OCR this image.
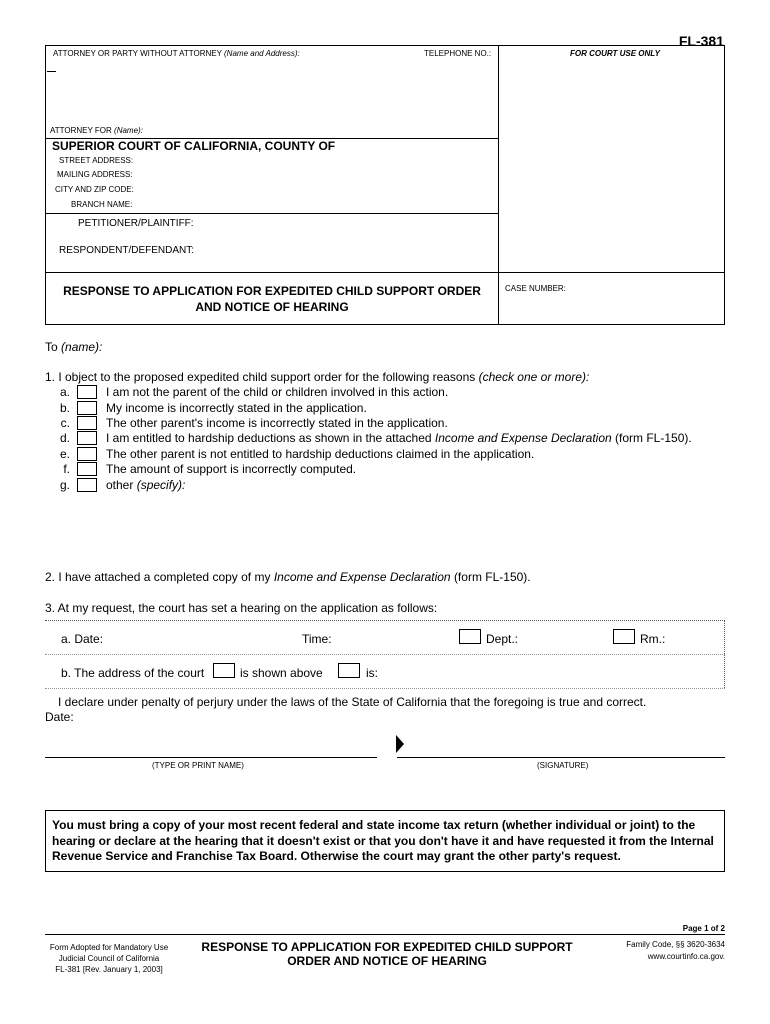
FL-381
ATTORNEY OR PARTY WITHOUT ATTORNEY (Name and Address):	TELEPHONE NO.:	FOR COURT USE ONLY
ATTORNEY FOR (Name):
SUPERIOR COURT OF CALIFORNIA, COUNTY OF
STREET ADDRESS:
MAILING ADDRESS:
CITY AND ZIP CODE:
BRANCH NAME:
PETITIONER/PLAINTIFF:
RESPONDENT/DEFENDANT:
RESPONSE TO APPLICATION FOR EXPEDITED CHILD SUPPORT ORDER
AND NOTICE OF HEARING
CASE NUMBER:
To (name):
1. I object to the proposed expedited child support order for the following reasons (check one or more):
a.	I am not the parent of the child or children involved in this action.
b.	My income is incorrectly stated in the application.
c.	The other parent's income is incorrectly stated in the application.
d.	I am entitled to hardship deductions as shown in the attached Income and Expense Declaration (form FL-150).
e.	The other parent is not entitled to hardship deductions claimed in the application.
f.	The amount of support is incorrectly computed.
g.	other (specify):
2. I have attached a completed copy of my Income and Expense Declaration (form FL-150).
3. At my request, the court has set a hearing on the application as follows:
a. Date:	Time:	Dept.:	Rm.:
b. The address of the court	is shown above	is:
I declare under penalty of perjury under the laws of the State of California that the foregoing is true and correct.
Date:
(TYPE OR PRINT NAME)	(SIGNATURE)
You must bring a copy of your most recent federal and state income tax return (whether individual or joint) to the hearing or declare at the hearing that it doesn't exist or that you don't have it and have requested it from the Internal Revenue Service and Franchise Tax Board. Otherwise the court may grant the other party's request.
Page 1 of 2
Form Adopted for Mandatory Use
Judicial Council of California
FL-381 [Rev. January 1, 2003]
RESPONSE TO APPLICATION FOR EXPEDITED CHILD SUPPORT
ORDER AND NOTICE OF HEARING
Family Code, §§ 3620-3634
www.courtinfo.ca.gov.
